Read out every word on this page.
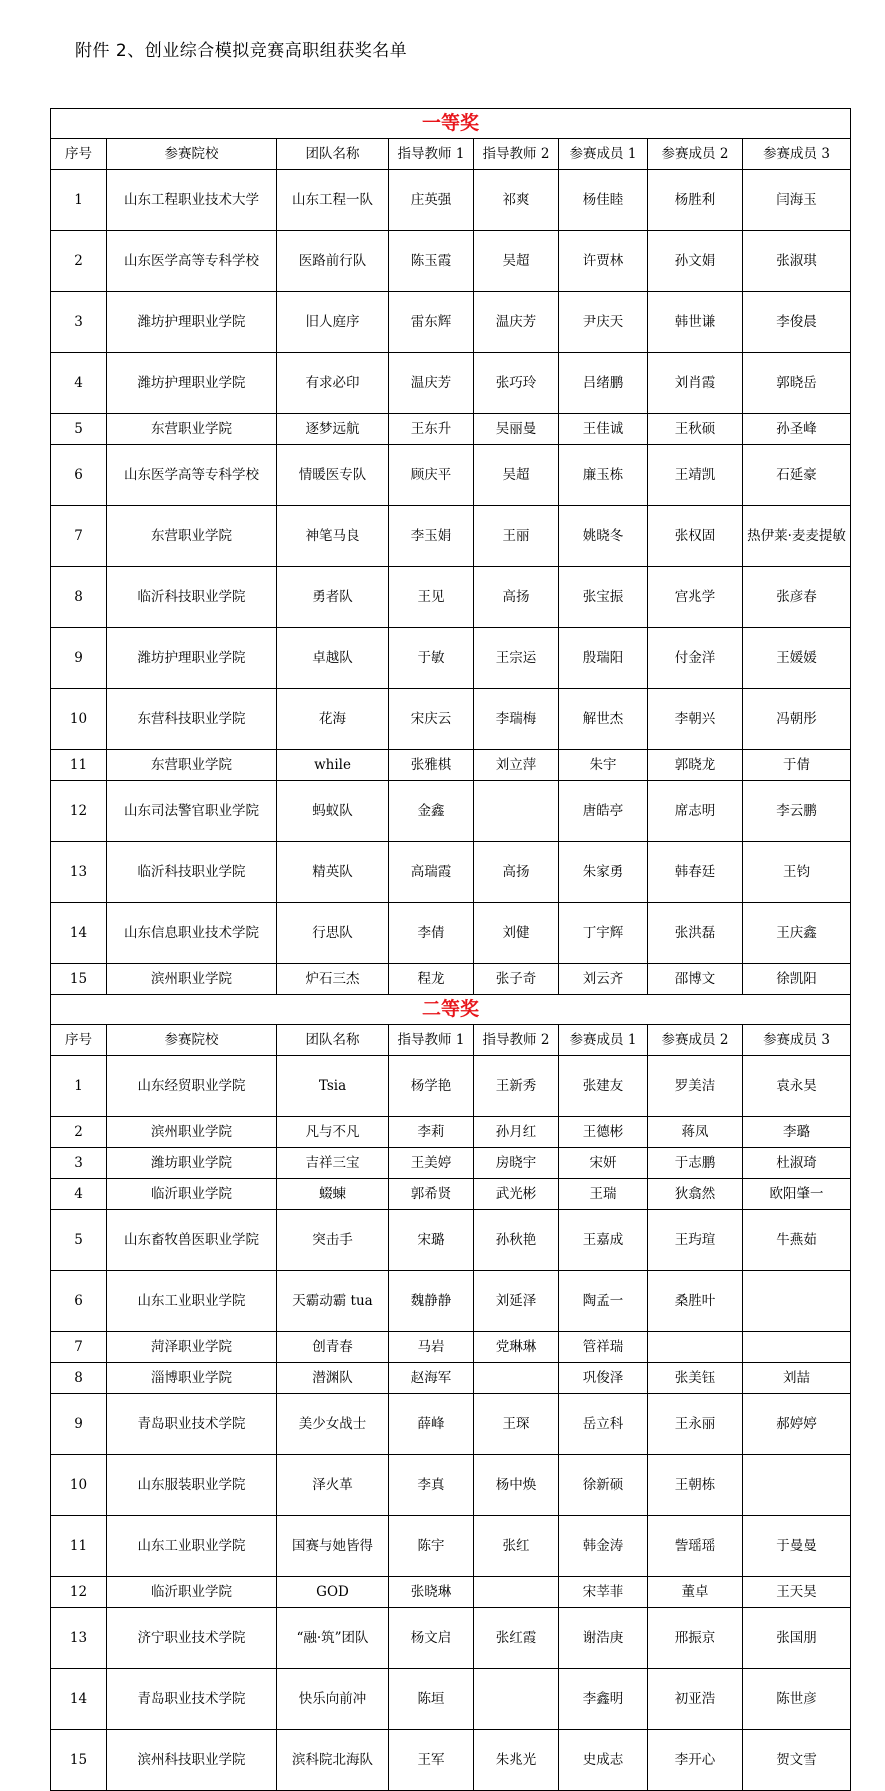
附件 2、创业综合模拟竞赛高职组获奖名单
一等奖							
序号	参赛院校	团队名称	指导教师 1	指导教师 2	参赛成员 1	参赛成员 2	参赛成员 3
1	山东工程职业技术大学	山东工程一队	庄英强	祁爽	杨佳睦	杨胜利	闫海玉
2	山东医学高等专科学校	医路前行队	陈玉霞	吴超	许贾林	孙文娟	张淑琪
3	潍坊护理职业学院	旧人庭序	雷东辉	温庆芳	尹庆天	韩世谦	李俊晨
4	潍坊护理职业学院	有求必印	温庆芳	张巧玲	吕绪鹏	刘肖霞	郭晓岳
5	东营职业学院	逐梦远航	王东升	吴丽曼	王佳诚	王秋硕	孙圣峰
6	山东医学高等专科学校	情暖医专队	顾庆平	吴超	廉玉栋	王靖凯	石延豪
7	东营职业学院	神笔马良	李玉娟	王丽	姚晓冬	张权固	热伊莱·麦麦提敏
8	临沂科技职业学院	勇者队	王见	高扬	张宝振	宫兆学	张彦春
9	潍坊护理职业学院	卓越队	于敏	王宗运	殷瑞阳	付金洋	王媛媛
10	东营科技职业学院	花海	宋庆云	李瑞梅	解世杰	李朝兴	冯朝彤
11	东营职业学院	while	张雅棋	刘立萍	朱宇	郭晓龙	于倩
12	山东司法警官职业学院	蚂蚁队	金鑫		唐皓亭	席志明	李云鹏
13	临沂科技职业学院	精英队	高瑞霞	高扬	朱家勇	韩春廷	王钧
14	山东信息职业技术学院	行思队	李倩	刘健	丁宇辉	张洪磊	王庆鑫
15	滨州职业学院	炉石三杰	程龙	张子奇	刘云齐	邵博文	徐凯阳
二等奖							
序号	参赛院校	团队名称	指导教师 1	指导教师 2	参赛成员 1	参赛成员 2	参赛成员 3
1	山东经贸职业学院	Tsia	杨学艳	王新秀	张建友	罗美洁	袁永昊
2	滨州职业学院	凡与不凡	李莉	孙月红	王德彬	蒋凤	李璐
3	潍坊职业学院	吉祥三宝	王美婷	房晓宇	宋妍	于志鹏	杜淑琦
4	临沂职业学院	蝃蝀	郭希贤	武光彬	王瑞	狄翕然	欧阳肇一
5	山东畜牧兽医职业学院	突击手	宋璐	孙秋艳	王嘉成	王玙瑄	牛燕茹
6	山东工业职业学院	天霸动霸 tua	魏静静	刘延泽	陶孟一	桑胜叶	
7	菏泽职业学院	创青春	马岩	党琳琳	管祥瑞		
8	淄博职业学院	潜渊队	赵海军		巩俊泽	张美钰	刘喆
9	青岛职业技术学院	美少女战士	薛峰	王琛	岳立科	王永丽	郝婷婷
10	山东服装职业学院	泽火革	李真	杨中焕	徐新硕	王朝栋	
11	山东工业职业学院	国赛与她皆得	陈宇	张红	韩金涛	訾瑶瑶	于曼曼
12	临沂职业学院	GOD	张晓琳		宋莘菲	董卓	王天昊
13	济宁职业技术学院	“融·筑”团队	杨文启	张红霞	谢浩庚	邢振京	张国朋
14	青岛职业技术学院	快乐向前冲	陈垣		李鑫明	初亚浩	陈世彦
15	滨州科技职业学院	滨科院北海队	王军	朱兆光	史成志	李开心	贺文雪
